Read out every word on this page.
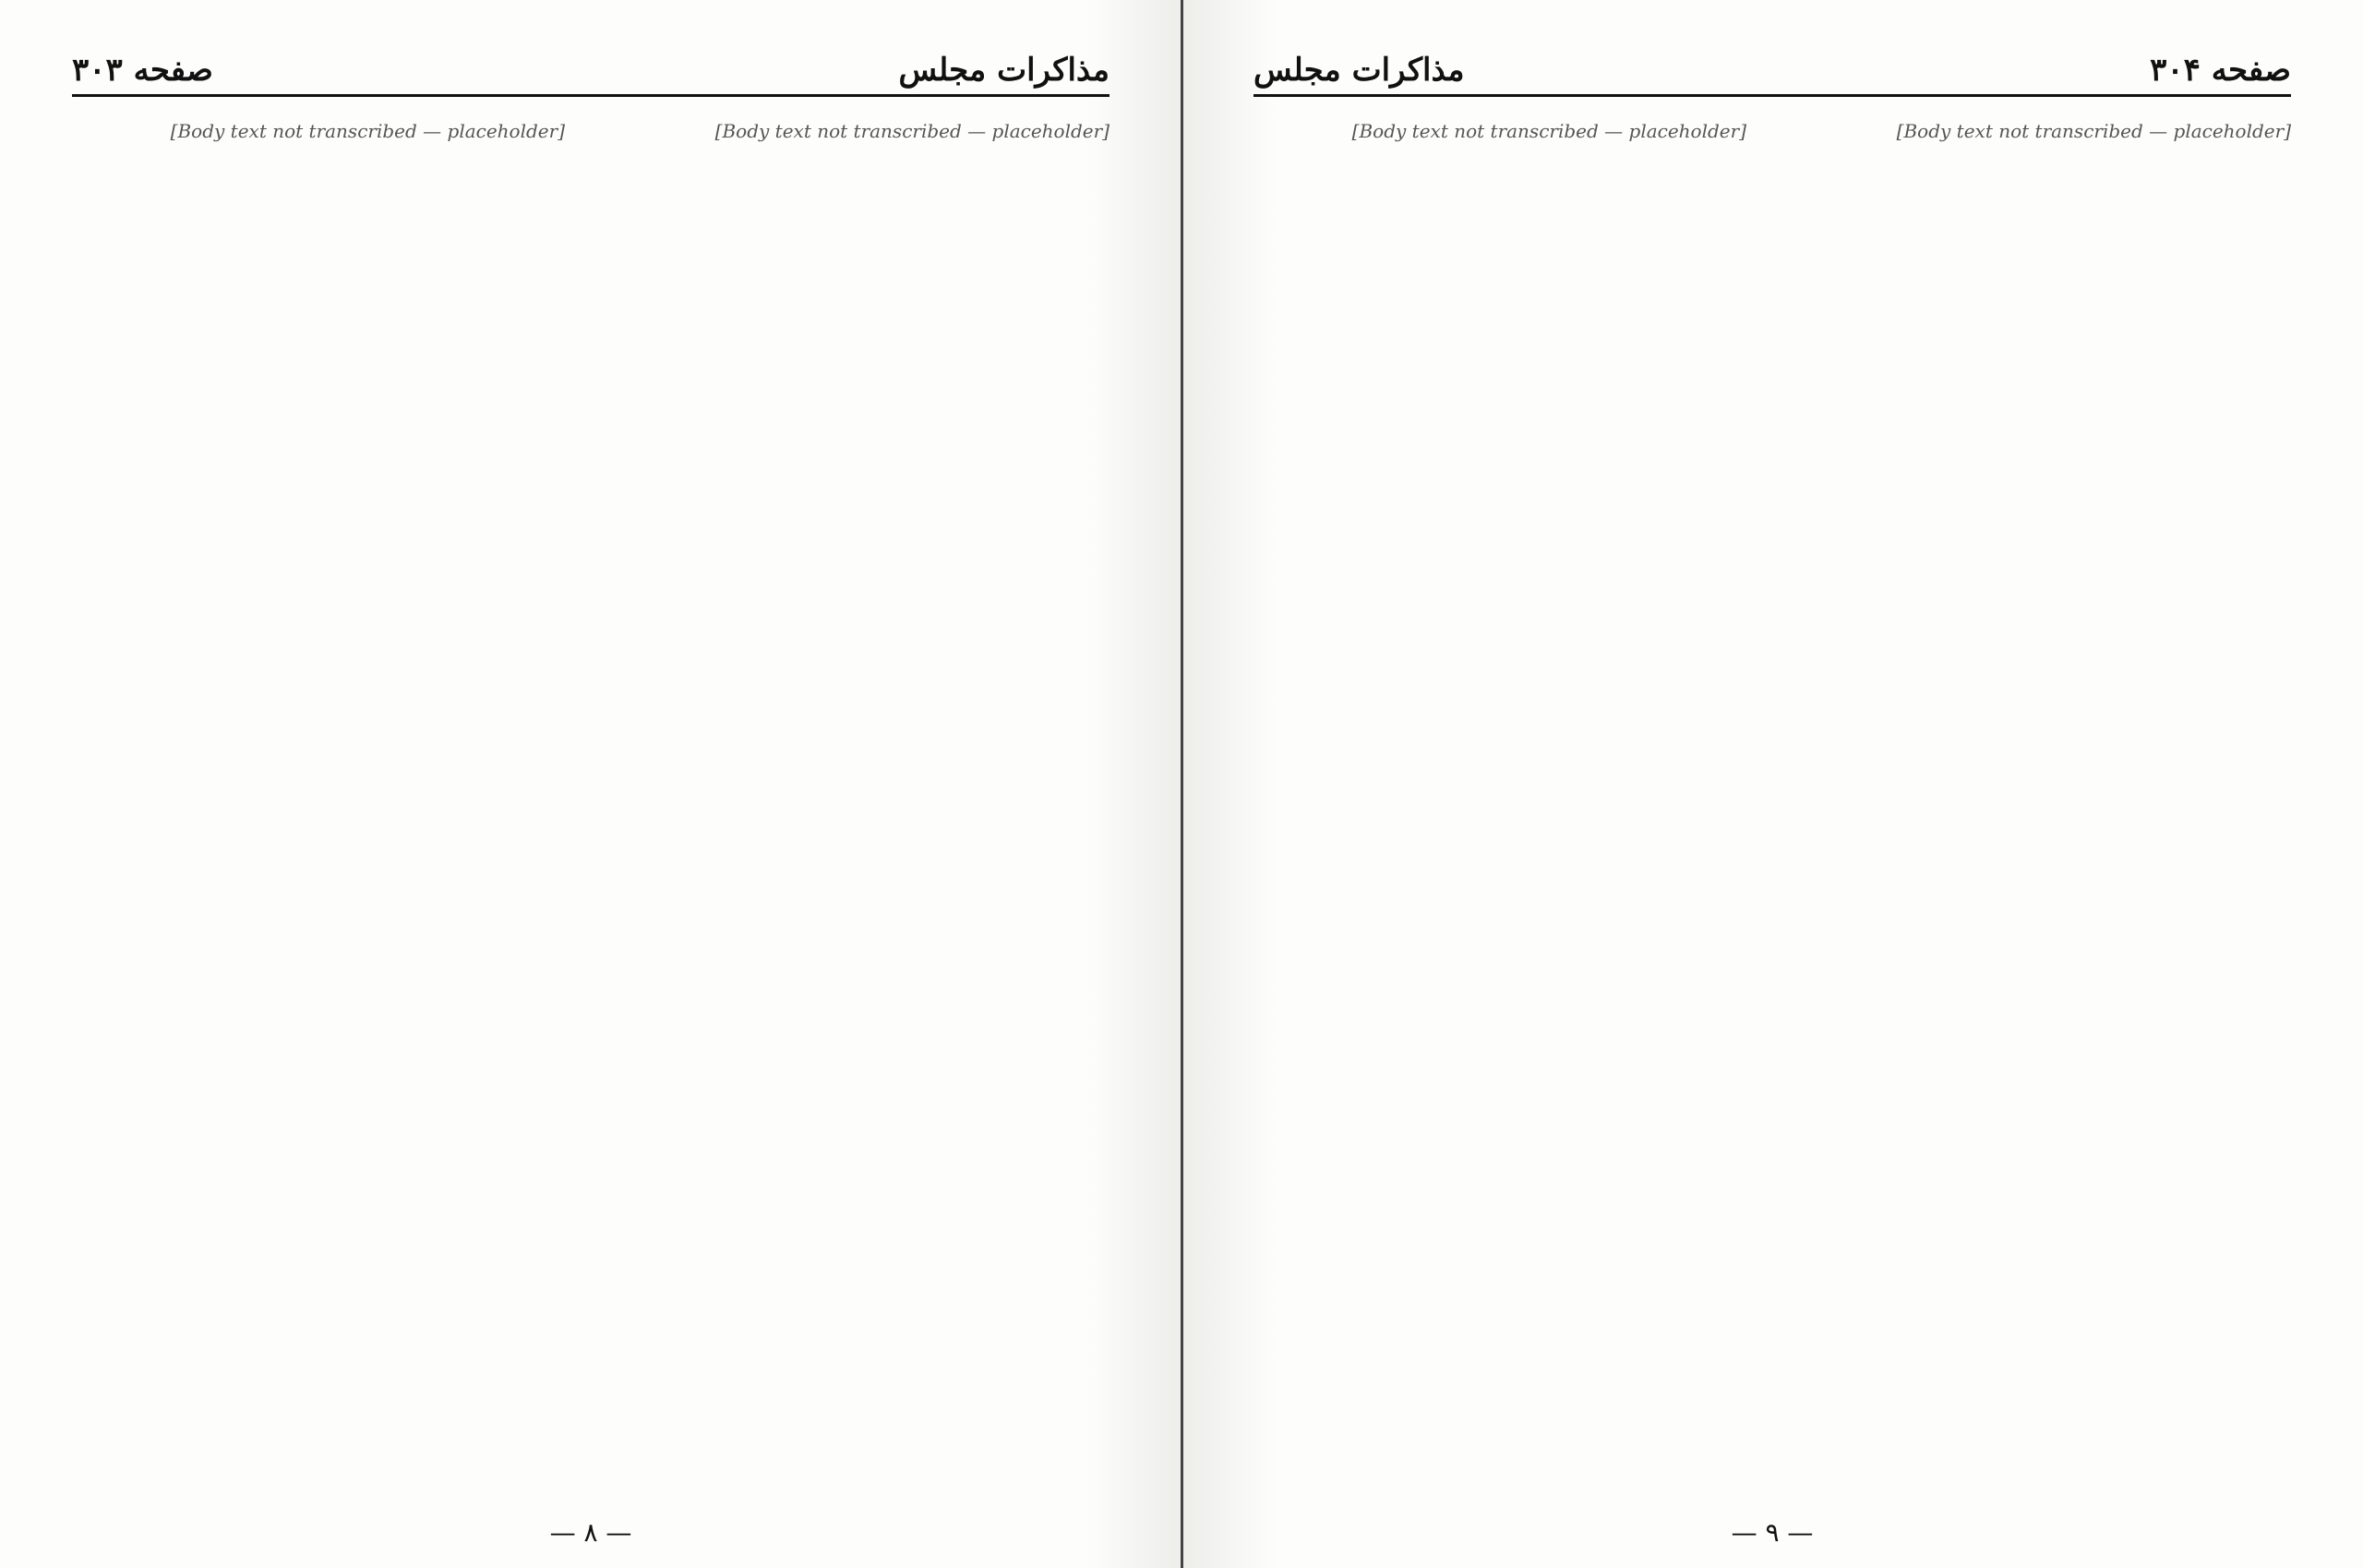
مذاکرات مجلس
صفحه ۳۰۳

[Body text not transcribed — placeholder]

[Body text not transcribed — placeholder]

— ۸ —
صفحه ۳۰۴
مذاکرات مجلس

[Body text not transcribed — placeholder]

[Body text not transcribed — placeholder]

— ۹ —
